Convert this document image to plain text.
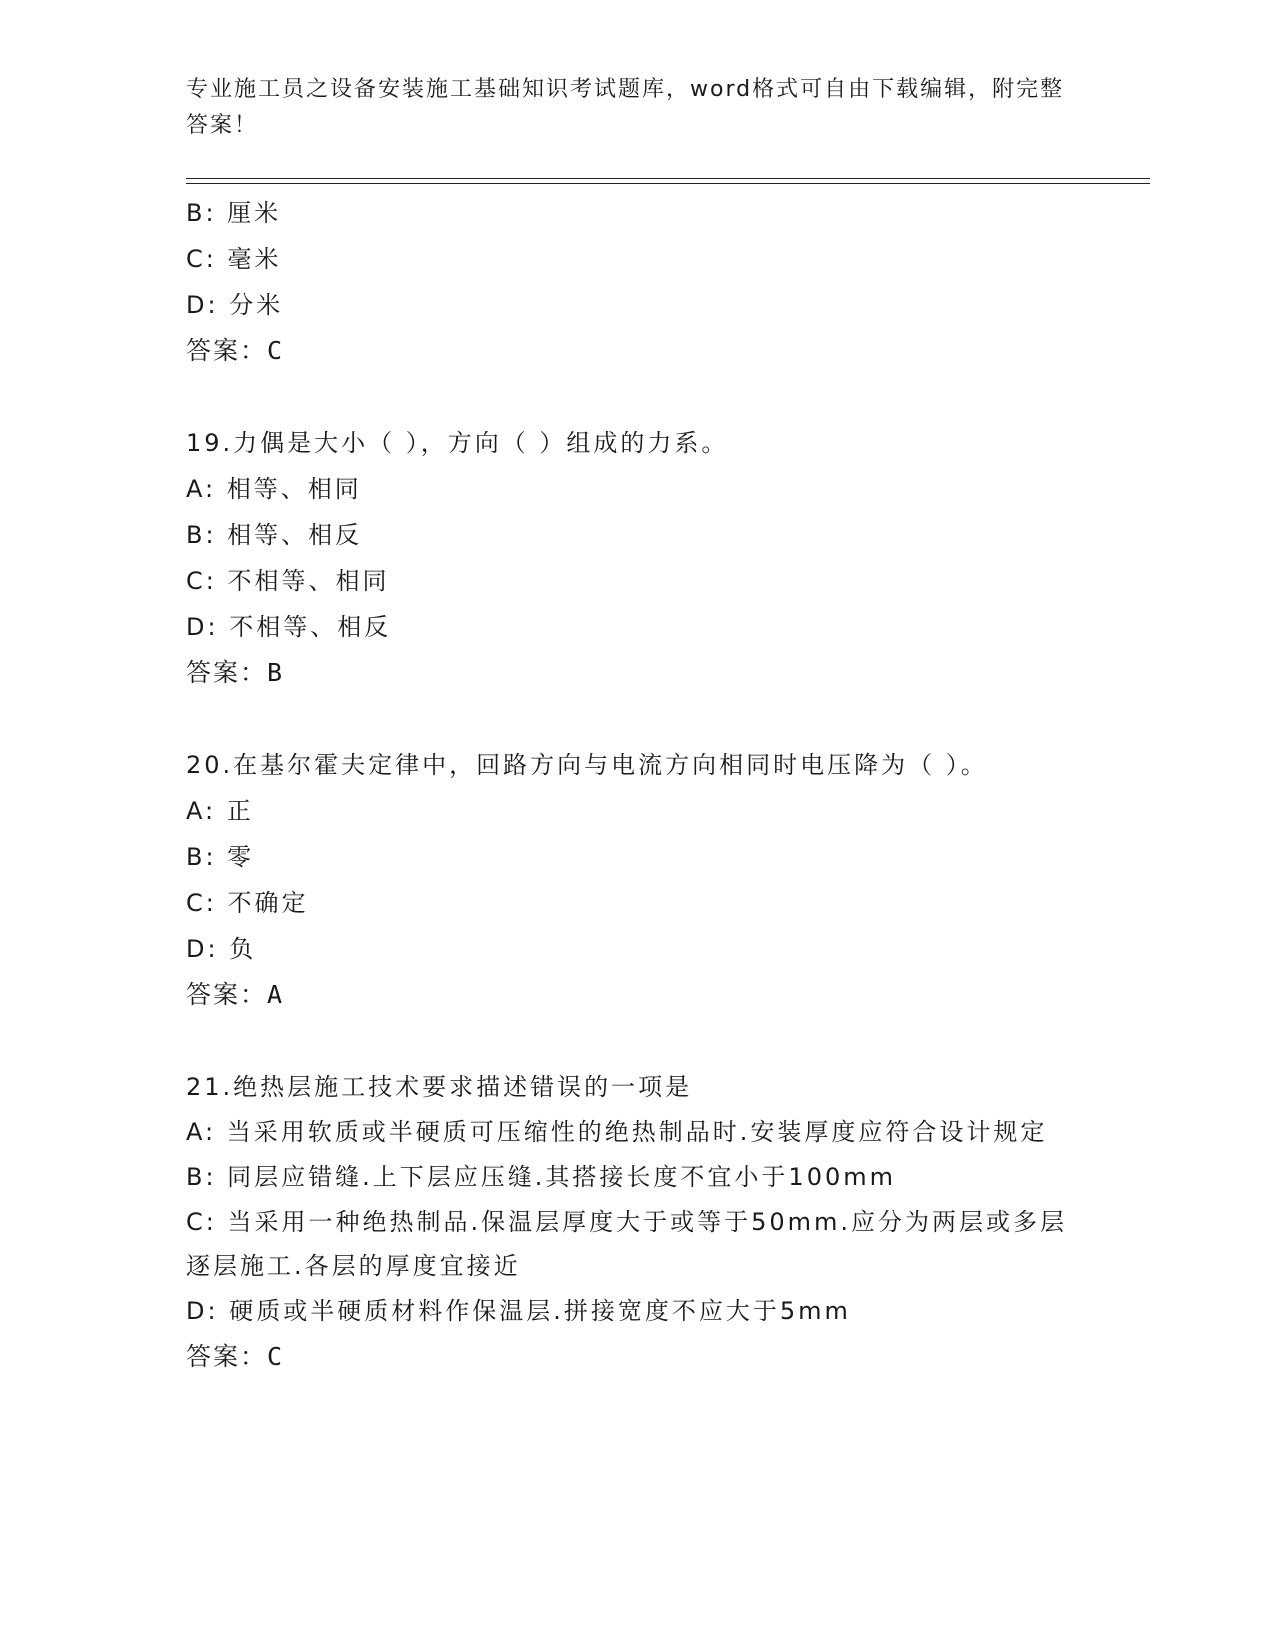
专业施工员之设备安装施工基础知识考试题库，word格式可自由下载编辑，附完整答案！
B: 厘米
C: 毫米
D: 分米
答案：C
19.力偶是大小（ ），方向（ ）组成的力系。
A: 相等、相同
B: 相等、相反
C: 不相等、相同
D: 不相等、相反
答案：B
20.在基尔霍夫定律中，回路方向与电流方向相同时电压降为（ ）。
A: 正
B: 零
C: 不确定
D: 负
答案：A
21.绝热层施工技术要求描述错误的一项是
A: 当采用软质或半硬质可压缩性的绝热制品时.安装厚度应符合设计规定
B: 同层应错缝.上下层应压缝.其搭接长度不宜小于100mm
C: 当采用一种绝热制品.保温层厚度大于或等于50mm.应分为两层或多层逐层施工.各层的厚度宜接近
D: 硬质或半硬质材料作保温层.拼接宽度不应大于5mm
答案：C
